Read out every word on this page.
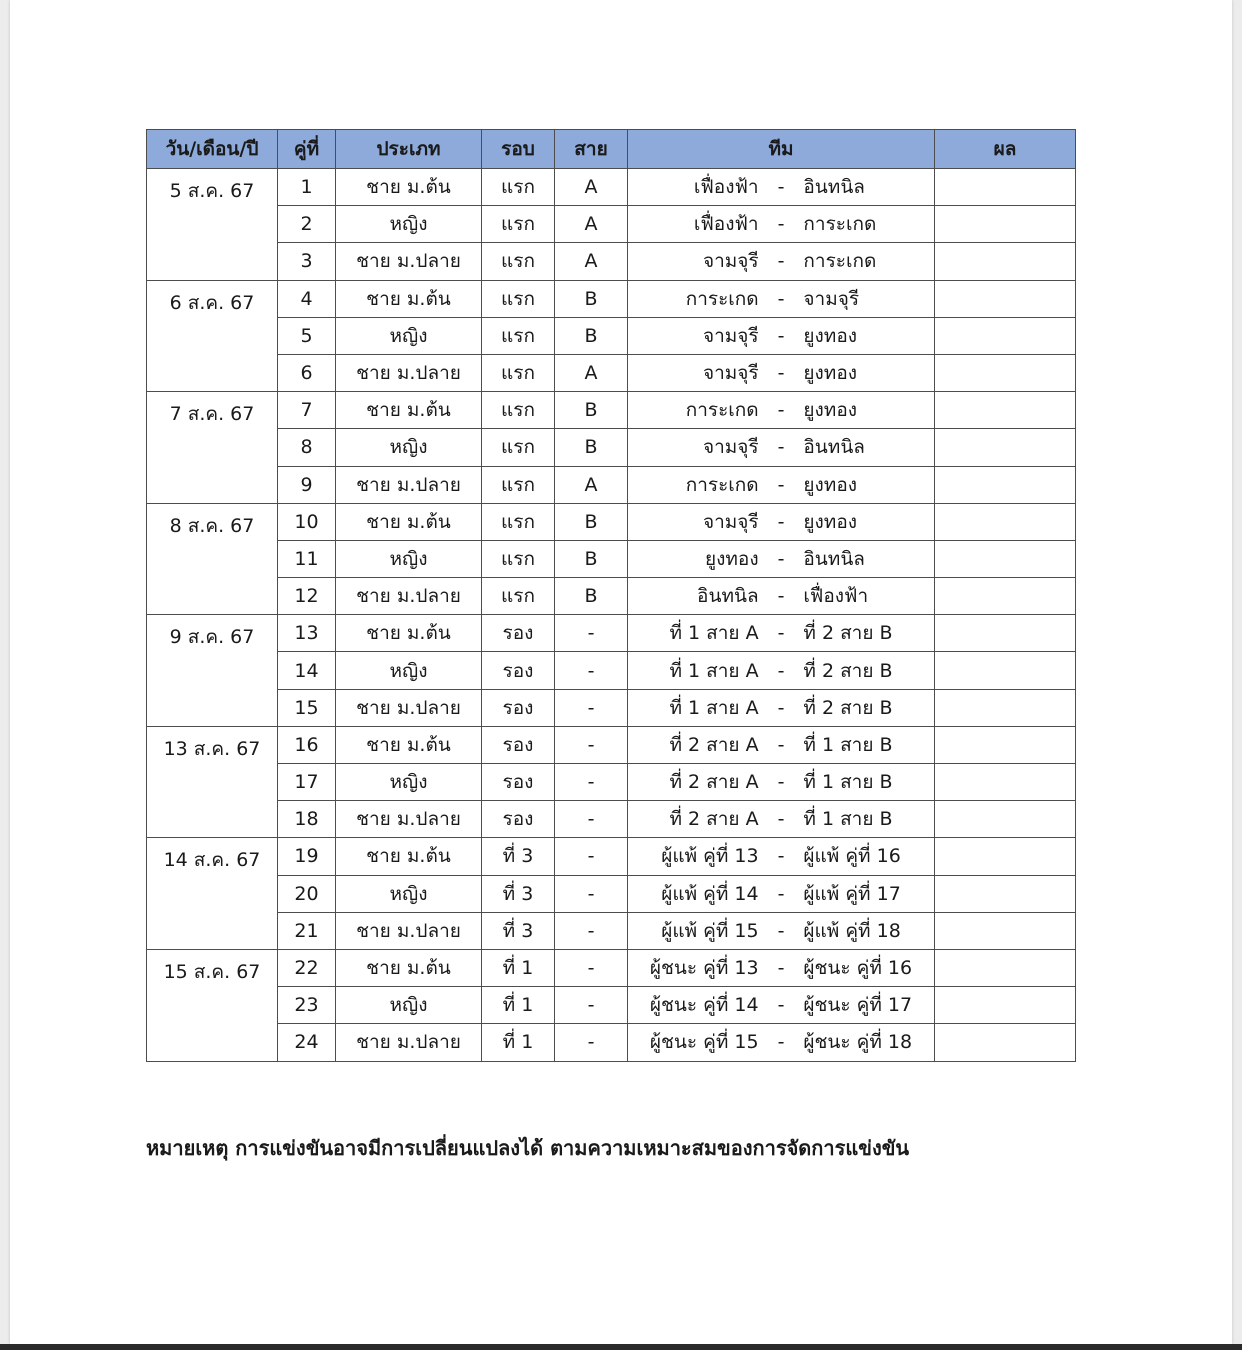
วัน/เดือน/ปี	คู่ที่	ประเภท	รอบ	สาย	ทีม	ผล
5 ส.ค. 67	1	ชาย ม.ต้น	แรก	A	เฟื่องฟ้า - อินทนิล	

	2	หญิง	แรก	A	เฟื่องฟ้า - การะเกด	

	3	ชาย ม.ปลาย	แรก	A	จามจุรี - การะเกด	

6 ส.ค. 67	4	ชาย ม.ต้น	แรก	B	การะเกด - จามจุรี	

	5	หญิง	แรก	B	จามจุรี - ยูงทอง	

	6	ชาย ม.ปลาย	แรก	A	จามจุรี - ยูงทอง	

7 ส.ค. 67	7	ชาย ม.ต้น	แรก	B	การะเกด - ยูงทอง	

	8	หญิง	แรก	B	จามจุรี - อินทนิล	

	9	ชาย ม.ปลาย	แรก	A	การะเกด - ยูงทอง	

8 ส.ค. 67	10	ชาย ม.ต้น	แรก	B	จามจุรี - ยูงทอง	

	11	หญิง	แรก	B	ยูงทอง - อินทนิล	

	12	ชาย ม.ปลาย	แรก	B	อินทนิล - เฟื่องฟ้า	

9 ส.ค. 67	13	ชาย ม.ต้น	รอง	-	ที่ 1 สาย A - ที่ 2 สาย B	

	14	หญิง	รอง	-	ที่ 1 สาย A - ที่ 2 สาย B	

	15	ชาย ม.ปลาย	รอง	-	ที่ 1 สาย A - ที่ 2 สาย B	

13 ส.ค. 67	16	ชาย ม.ต้น	รอง	-	ที่ 2 สาย A - ที่ 1 สาย B	

	17	หญิง	รอง	-	ที่ 2 สาย A - ที่ 1 สาย B	

	18	ชาย ม.ปลาย	รอง	-	ที่ 2 สาย A - ที่ 1 สาย B	

14 ส.ค. 67	19	ชาย ม.ต้น	ที่ 3	-	ผู้แพ้ คู่ที่ 13 - ผู้แพ้ คู่ที่ 16	

	20	หญิง	ที่ 3	-	ผู้แพ้ คู่ที่ 14 - ผู้แพ้ คู่ที่ 17	

	21	ชาย ม.ปลาย	ที่ 3	-	ผู้แพ้ คู่ที่ 15 - ผู้แพ้ คู่ที่ 18	

15 ส.ค. 67	22	ชาย ม.ต้น	ที่ 1	-	ผู้ชนะ คู่ที่ 13 - ผู้ชนะ คู่ที่ 16	

	23	หญิง	ที่ 1	-	ผู้ชนะ คู่ที่ 14 - ผู้ชนะ คู่ที่ 17	

	24	ชาย ม.ปลาย	ที่ 1	-	ผู้ชนะ คู่ที่ 15 - ผู้ชนะ คู่ที่ 18	

หมายเหตุ การแข่งขันอาจมีการเปลี่ยนแปลงได้ ตามความเหมาะสมของการจัดการแข่งขัน
